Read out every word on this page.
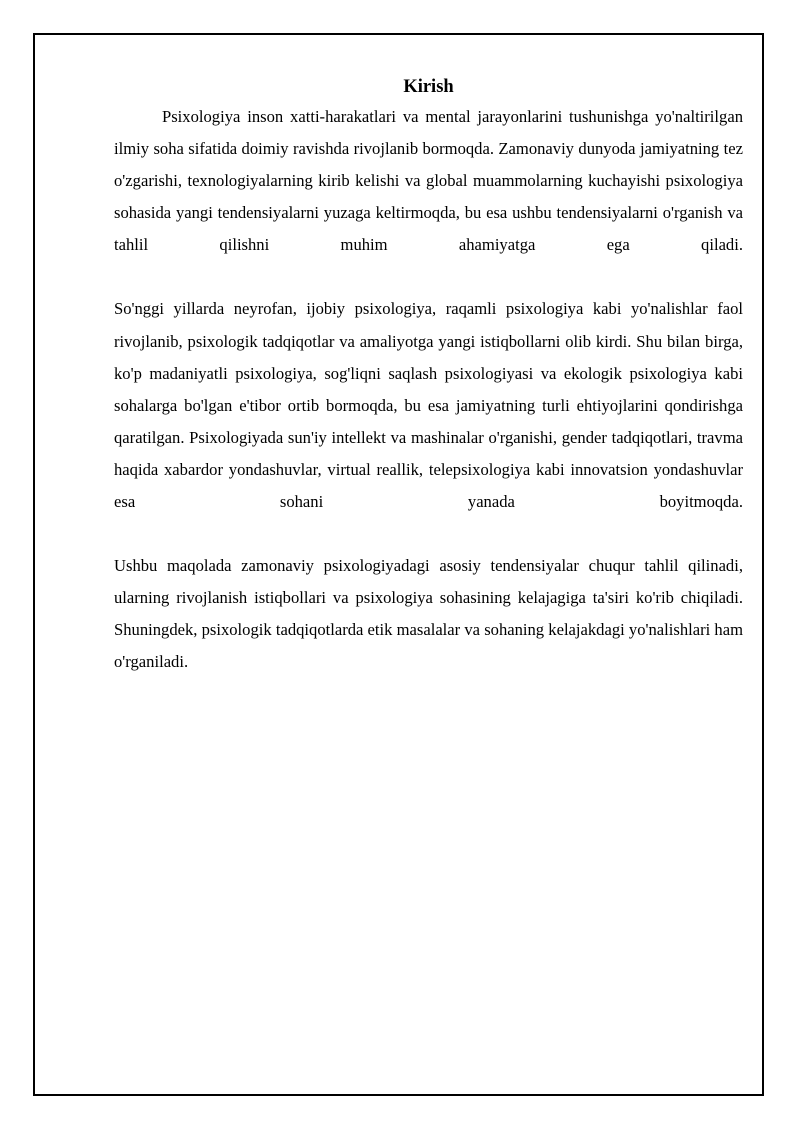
Kirish

Psixologiya inson xatti-harakatlari va mental jarayonlarini tushunishga yo'naltirilgan ilmiy soha sifatida doimiy ravishda rivojlanib bormoqda. Zamonaviy dunyoda jamiyatning tez o'zgarishi, texnologiyalarning kirib kelishi va global muammolarning kuchayishi psixologiya sohasida yangi tendensiyalarni yuzaga keltirmoqda, bu esa ushbu tendensiyalarni o'rganish va tahlil qilishni muhim ahamiyatga ega qiladi.

So'nggi yillarda neyrofan, ijobiy psixologiya, raqamli psixologiya kabi yo'nalishlar faol rivojlanib, psixologik tadqiqotlar va amaliyotga yangi istiqbollarni olib kirdi. Shu bilan birga, ko'p madaniyatli psixologiya, sog'liqni saqlash psixologiyasi va ekologik psixologiya kabi sohalarga bo'lgan e'tibor ortib bormoqda, bu esa jamiyatning turli ehtiyojlarini qondirishga qaratilgan. Psixologiyada sun'iy intellekt va mashinalar o'rganishi, gender tadqiqotlari, travma haqida xabardor yondashuvlar, virtual reallik, telepsixologiya kabi innovatsion yondashuvlar esa sohani yanada boyitmoqda.

Ushbu maqolada zamonaviy psixologiyadagi asosiy tendensiyalar chuqur tahlil qilinadi, ularning rivojlanish istiqbollari va psixologiya sohasining kelajagiga ta'siri ko'rib chiqiladi. Shuningdek, psixologik tadqiqotlarda etik masalalar va sohaning kelajakdagi yo'nalishlari ham o'rganiladi.
